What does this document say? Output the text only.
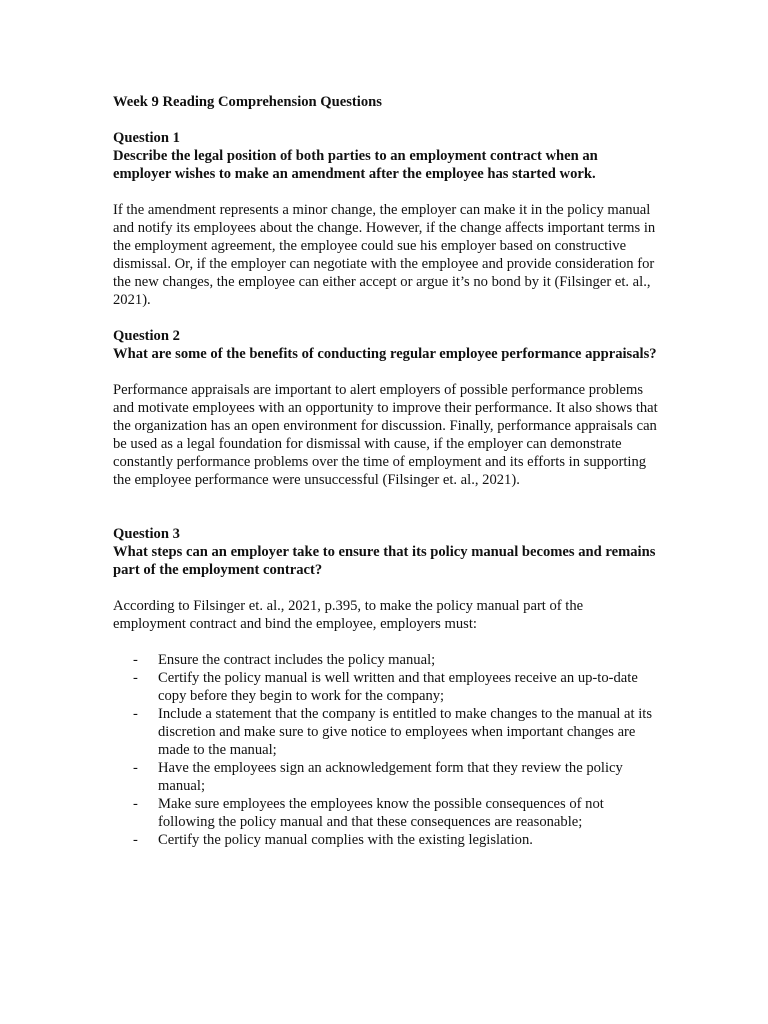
Week 9 Reading Comprehension Questions

Question 1

Describe the legal position of both parties to an employment contract when an employer wishes to make an amendment after the employee has started work.

If the amendment represents a minor change, the employer can make it in the policy manual and notify its employees about the change. However, if the change affects important terms in the employment agreement, the employee could sue his employer based on constructive dismissal. Or, if the employer can negotiate with the employee and provide consideration for the new changes, the employee can either accept or argue it’s no bond by it (Filsinger et. al., 2021).

Question 2

What are some of the benefits of conducting regular employee performance appraisals?

Performance appraisals are important to alert employers of possible performance problems and motivate employees with an opportunity to improve their performance. It also shows that the organization has an open environment for discussion. Finally, performance appraisals can be used as a legal foundation for dismissal with cause, if the employer can demonstrate constantly performance problems over the time of employment and its efforts in supporting the employee performance were unsuccessful (Filsinger et. al., 2021).

Question 3

What steps can an employer take to ensure that its policy manual becomes and remains part of the employment contract?

According to Filsinger et. al., 2021, p.395, to make the policy manual part of the employment contract and bind the employee, employers must:

- Ensure the contract includes the policy manual;
- Certify the policy manual is well written and that employees receive an up-to-date copy before they begin to work for the company;
- Include a statement that the company is entitled to make changes to the manual at its discretion and make sure to give notice to employees when important changes are made to the manual;
- Have the employees sign an acknowledgement form that they review the policy manual;
- Make sure employees the employees know the possible consequences of not following the policy manual and that these consequences are reasonable;
- Certify the policy manual complies with the existing legislation.
